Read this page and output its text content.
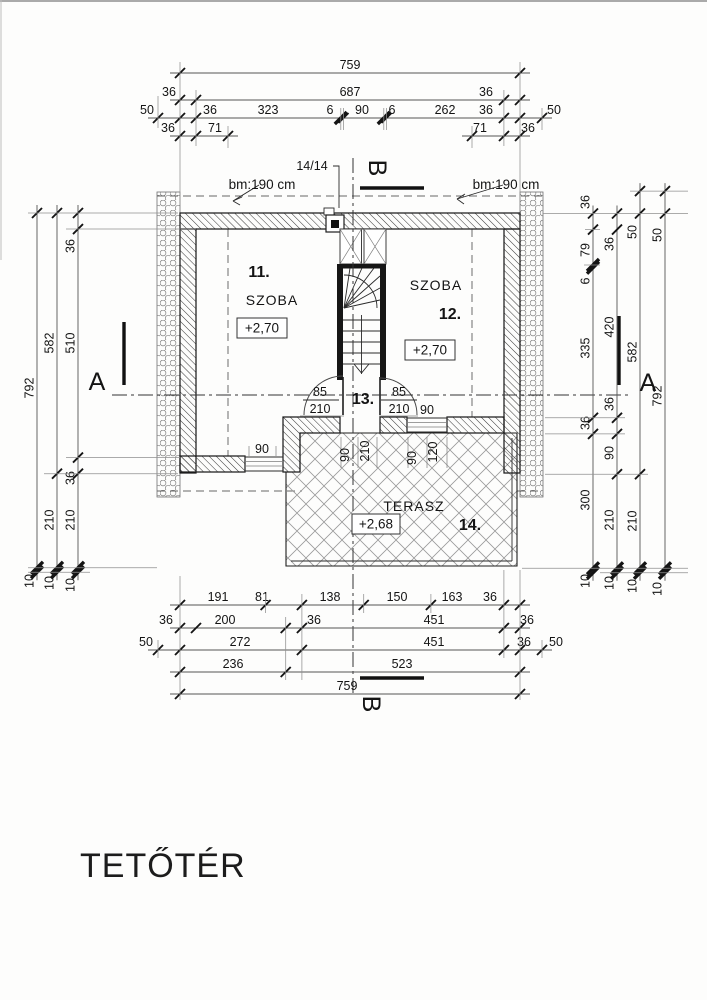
759
36	687	36
50	36	323	6 90 6	262 36	50
36	71	71	36
191 81	138	150	163 36
36	200	36	451	36
50	272	451	36 50
236	523
759
792
10
582
210
10
36
510
36
210
10
36
79
6
335
36
300
10
36
420
36
90
210
10
50
582
210
10
50
792
10
14/14
bm:190 cm	bm:190 cm
A	A
B
B
11.
SZOBA
+2,70
SZOBA
12.
+2,70
13.
TERASZ
14.
+2,68
85
210
85
210
90	90 210
90
90 120
TETŐTÉR
